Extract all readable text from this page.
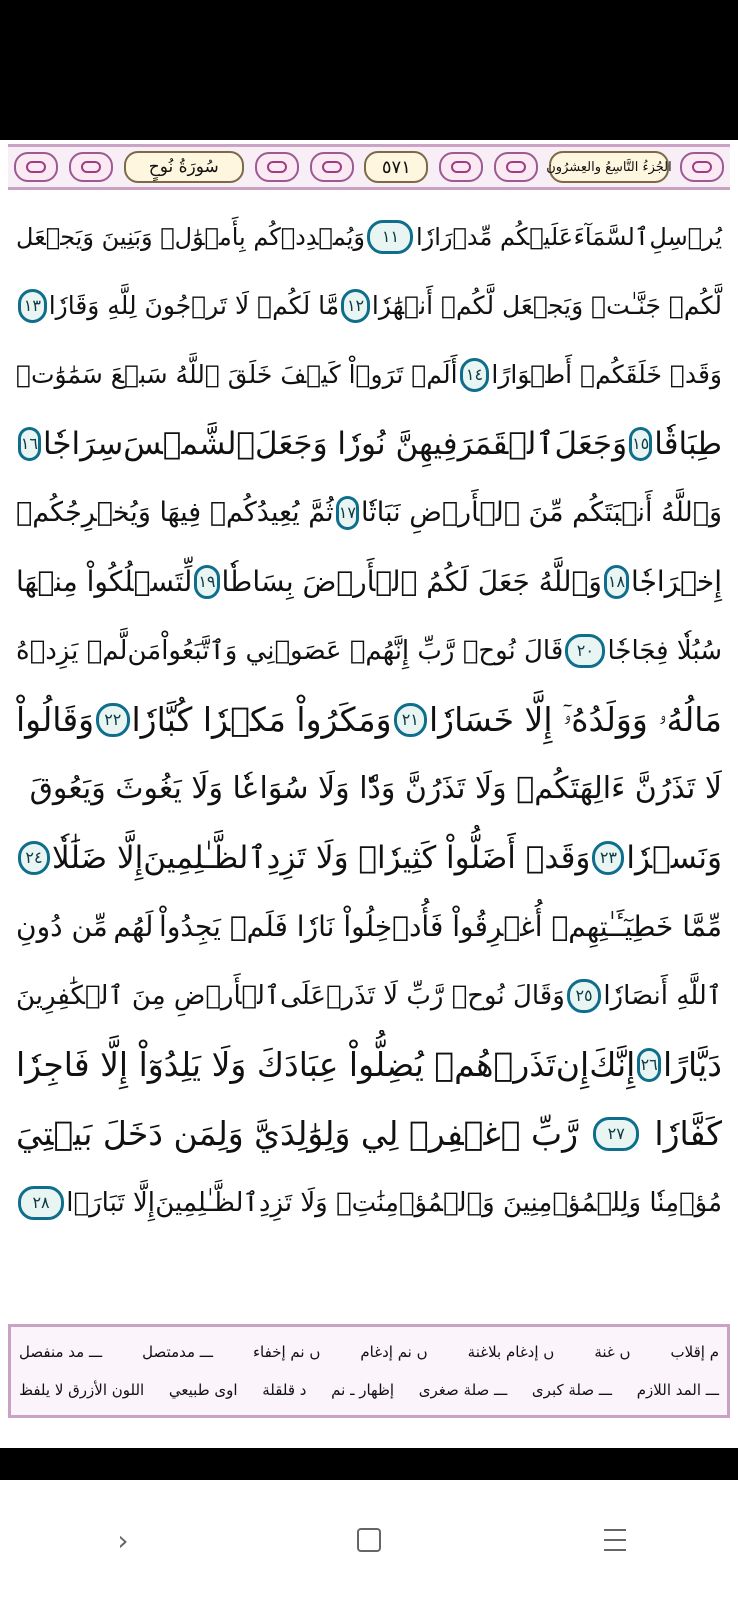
سُورَةُ نُوحٍ	٥٧١	الجُزءُ التَّاسِعُ والعِشرُون
يُرۡسِلِ
ٱلسَّمَآءَ
عَلَيۡكُم مِّدۡرَارٗا
١١
وَيُمۡدِدۡكُم بِأَمۡوَٰلٖ وَبَنِينَ وَيَجۡعَل
لَّكُمۡ جَنَّـٰتٖ وَيَجۡعَل لَّكُمۡ أَنۡهَٰرٗا
١٢
مَّا لَكُمۡ لَا تَرۡجُونَ لِلَّهِ وَقَارٗا
١٣
وَقَدۡ خَلَقَكُمۡ أَطۡوَارًا
١٤
أَلَمۡ تَرَوۡاْ كَيۡفَ خَلَقَ ٱللَّهُ سَبۡعَ سَمَٰوَٰتٖ
طِبَاقٗا
١٥
وَجَعَلَ
ٱلۡقَمَرَ
فِيهِنَّ نُورٗا وَجَعَلَ
ٱلشَّمۡسَ
سِرَاجٗا
١٦
وَٱللَّهُ أَنۢبَتَكُم مِّنَ ٱلۡأَرۡضِ نَبَاتٗا
١٧
ثُمَّ يُعِيدُكُمۡ فِيهَا وَيُخۡرِجُكُمۡ
إِخۡرَاجٗا
١٨
وَٱللَّهُ جَعَلَ لَكُمُ ٱلۡأَرۡضَ بِسَاطٗا
١٩
لِّتَسۡلُكُواْ مِنۡهَا
سُبُلٗا فِجَاجٗا
٢٠
قَالَ نُوحٞ رَّبِّ إِنَّهُمۡ عَصَوۡنِي وَٱتَّبَعُواْ
مَن
لَّمۡ يَزِدۡهُ
مَالُهُۥ وَوَلَدُهُۥٓ إِلَّا خَسَارٗا
٢١
وَمَكَرُواْ مَكۡرٗا كُبَّارٗا
٢٢
وَقَالُواْ
لَا تَذَرُنَّ ءَالِهَتَكُمۡ وَلَا تَذَرُنَّ وَدّٗا وَلَا سُوَاعٗا وَلَا يَغُوثَ وَيَعُوقَ
وَنَسۡرٗا
٢٣
وَقَدۡ أَضَلُّواْ كَثِيرٗاۖ وَلَا تَزِدِ
ٱلظَّـٰلِمِينَ
إِلَّا ضَلَٰلٗا
٢٤
مِّمَّا خَطِيٓـَٔـٰتِهِمۡ أُغۡرِقُواْ فَأُدۡخِلُواْ نَارٗا فَلَمۡ يَجِدُواْ
لَهُم
مِّن دُونِ
ٱللَّهِ أَنصَارٗا
٢٥
وَقَالَ نُوحٞ رَّبِّ لَا تَذَرۡ
عَلَى
ٱلۡأَرۡضِ مِنَ ٱلۡكَٰفِرِينَ
دَيَّارًا
٢٦
إِنَّكَ
إِن
تَذَرۡهُمۡ يُضِلُّواْ عِبَادَكَ وَلَا يَلِدُوٓاْ إِلَّا فَاجِرٗا
كَفَّارٗا
٢٧
رَّبِّ ٱغۡفِرۡ لِي وَلِوَٰلِدَيَّ وَلِمَن دَخَلَ بَيۡتِيَ
مُؤۡمِنٗا وَلِلۡمُؤۡمِنِينَ وَٱلۡمُؤۡمِنَٰتِۖ وَلَا تَزِدِ
ٱلظَّـٰلِمِينَ
إِلَّا تَبَارَۢا
٢٨
م إقلاب
ں غنة
ں إدغام بلاغنة
ں نم إدغام
ں نم إخفاء
ـــ مدمتصل
ـــ مد منفصل
ـــ المد اللازم
ـــ صلة كبرى
ـــ صلة صغرى
إظهار ـ نم
د قلقلة
اوى طبيعي
اللون الأزرق لا يلفظ
›
